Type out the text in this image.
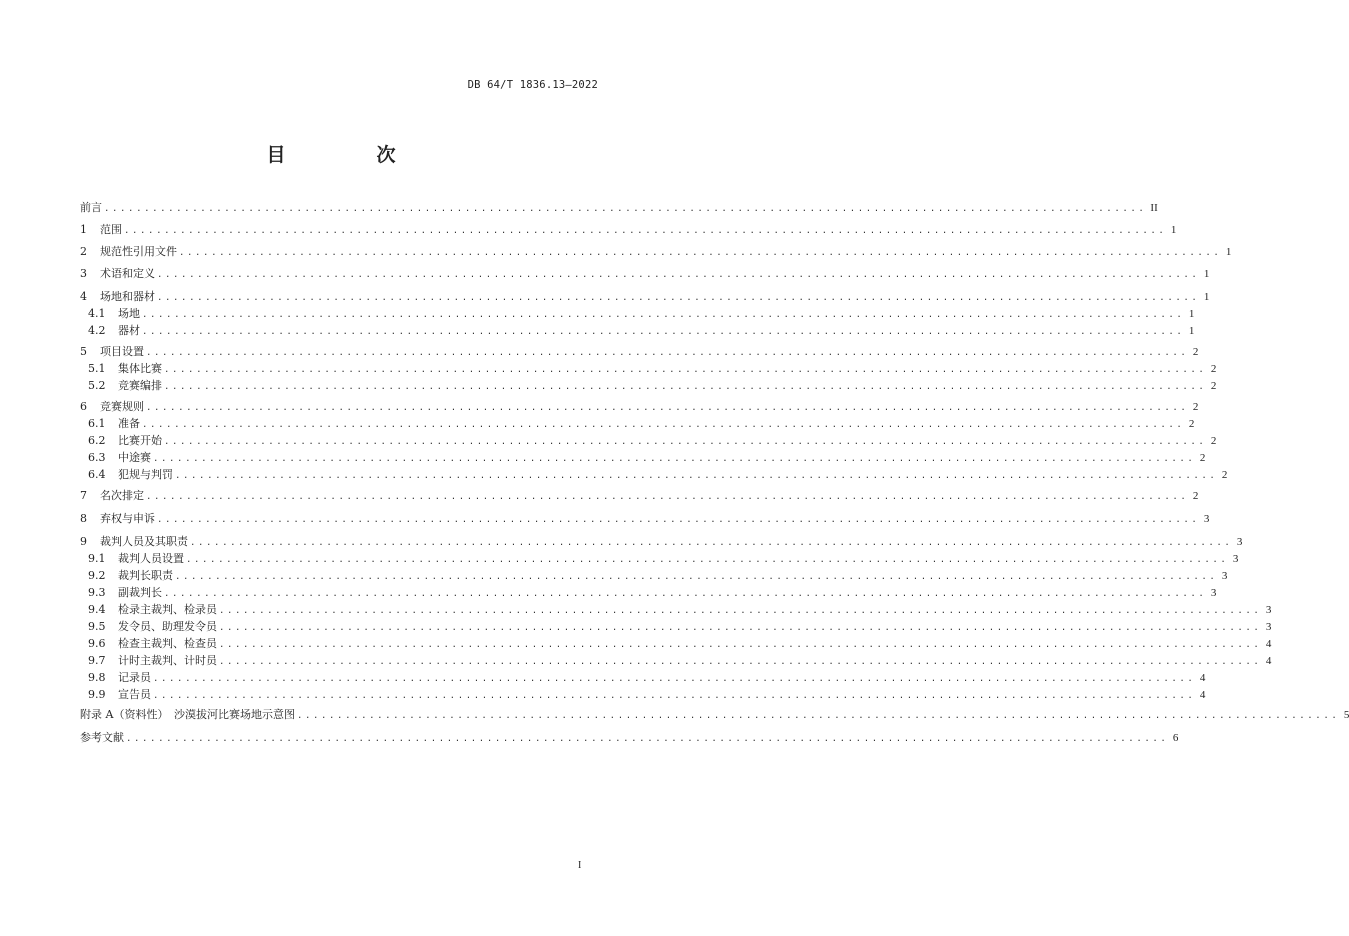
DB 64/T 1836.13—2022
目　次
前言 .................................................................................................................................. II
1	范围 .................................................................................................................................. 1
2	规范性引用文件 .................................................................................................................................. 1
3	术语和定义 .................................................................................................................................. 1
4	场地和器材 .................................................................................................................................. 1
4.1	场地 .................................................................................................................................. 1
4.2	器材 .................................................................................................................................. 1
5	项目设置 .................................................................................................................................. 2
5.1	集体比赛 .................................................................................................................................. 2
5.2	竞赛编排 .................................................................................................................................. 2
6	竞赛规则 .................................................................................................................................. 2
6.1	准备 .................................................................................................................................. 2
6.2	比赛开始 .................................................................................................................................. 2
6.3	中途赛 .................................................................................................................................. 2
6.4	犯规与判罚 .................................................................................................................................. 2
7	名次排定 .................................................................................................................................. 2
8	弃权与申诉 .................................................................................................................................. 3
9	裁判人员及其职责 .................................................................................................................................. 3
9.1	裁判人员设置 .................................................................................................................................. 3
9.2	裁判长职责 .................................................................................................................................. 3
9.3	副裁判长 .................................................................................................................................. 3
9.4	检录主裁判、检录员 .................................................................................................................................. 3
9.5	发令员、助理发令员 .................................................................................................................................. 3
9.6	检查主裁判、检查员 .................................................................................................................................. 4
9.7	计时主裁判、计时员 .................................................................................................................................. 4
9.8	记录员 .................................................................................................................................. 4
9.9	宣告员 .................................................................................................................................. 4
附录 A（资料性）　沙漠拔河比赛场地示意图 .................................................................................................................................. 5
参考文献 .................................................................................................................................. 6
I
